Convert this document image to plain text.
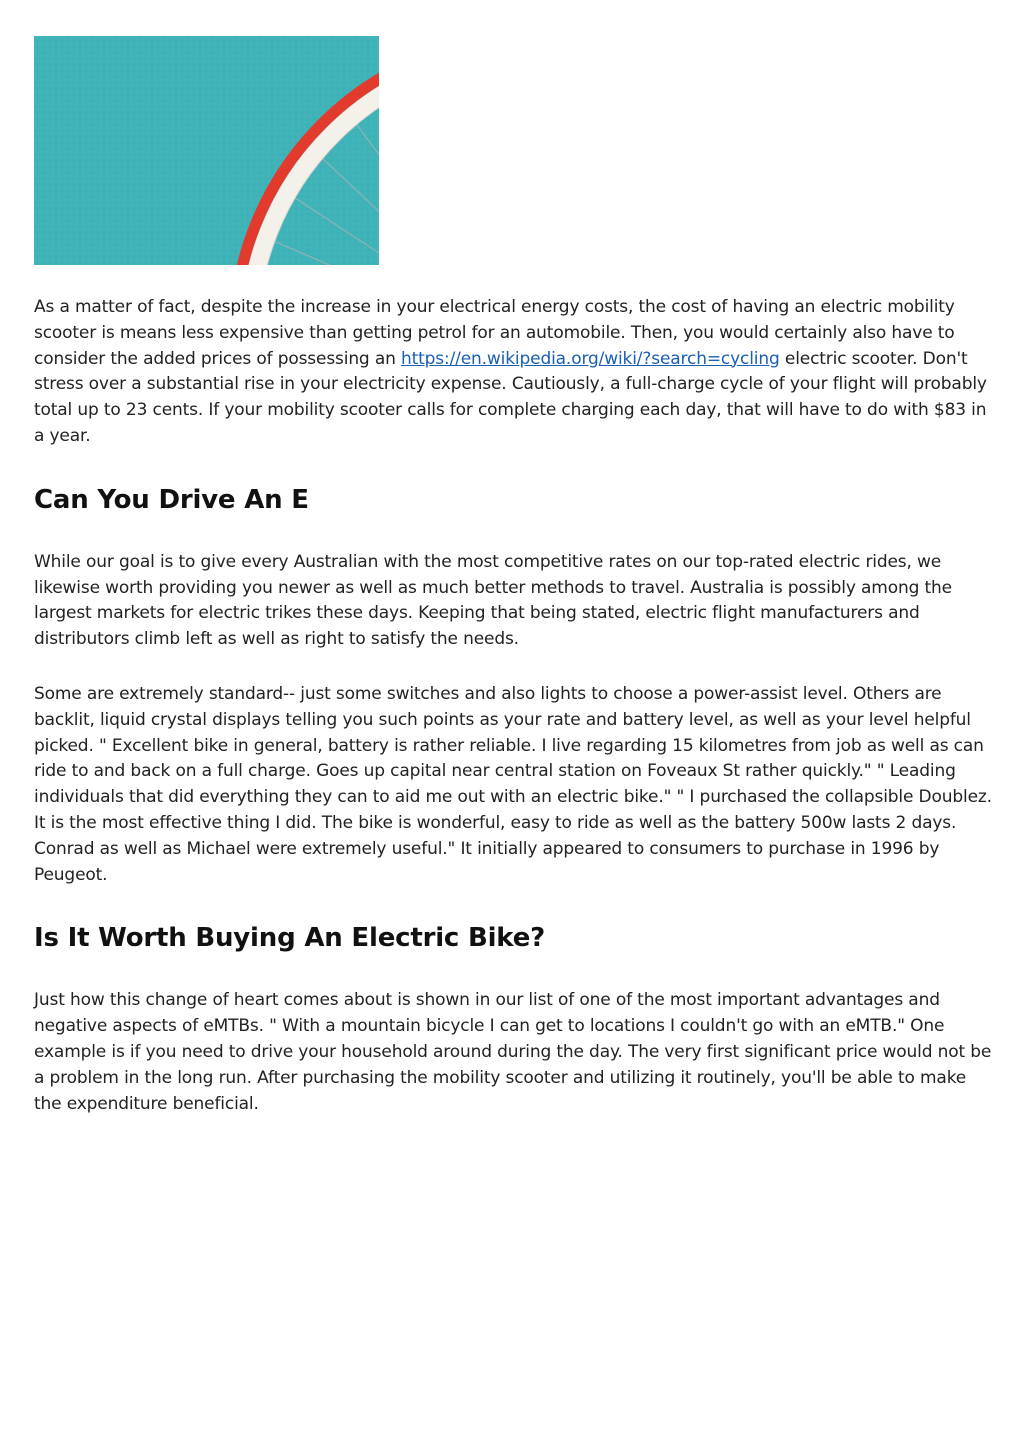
As a matter of fact, despite the increase in your electrical energy costs, the cost of having an electric mobility scooter is means less expensive than getting petrol for an automobile. Then, you would certainly also have to consider the added prices of possessing an https://en.wikipedia.org/wiki/?search=cycling electric scooter. Don't stress over a substantial rise in your electricity expense. Cautiously, a full-charge cycle of your flight will probably total up to 23 cents. If your mobility scooter calls for complete charging each day, that will have to do with $83 in a year.

Can You Drive An E

While our goal is to give every Australian with the most competitive rates on our top-rated electric rides, we likewise worth providing you newer as well as much better methods to travel. Australia is possibly among the largest markets for electric trikes these days. Keeping that being stated, electric flight manufacturers and distributors climb left as well as right to satisfy the needs.

Some are extremely standard-- just some switches and also lights to choose a power-assist level. Others are backlit, liquid crystal displays telling you such points as your rate and battery level, as well as your level helpful picked. " Excellent bike in general, battery is rather reliable. I live regarding 15 kilometres from job as well as can ride to and back on a full charge. Goes up capital near central station on Foveaux St rather quickly." " Leading individuals that did everything they can to aid me out with an electric bike." " I purchased the collapsible Doublez. It is the most effective thing I did. The bike is wonderful, easy to ride as well as the battery 500w lasts 2 days. Conrad as well as Michael were extremely useful." It initially appeared to consumers to purchase in 1996 by Peugeot.

Is It Worth Buying An Electric Bike?

Just how this change of heart comes about is shown in our list of one of the most important advantages and negative aspects of eMTBs. " With a mountain bicycle I can get to locations I couldn't go with an eMTB." One example is if you need to drive your household around during the day. The very first significant price would not be a problem in the long run. After purchasing the mobility scooter and utilizing it routinely, you'll be able to make the expenditure beneficial.
